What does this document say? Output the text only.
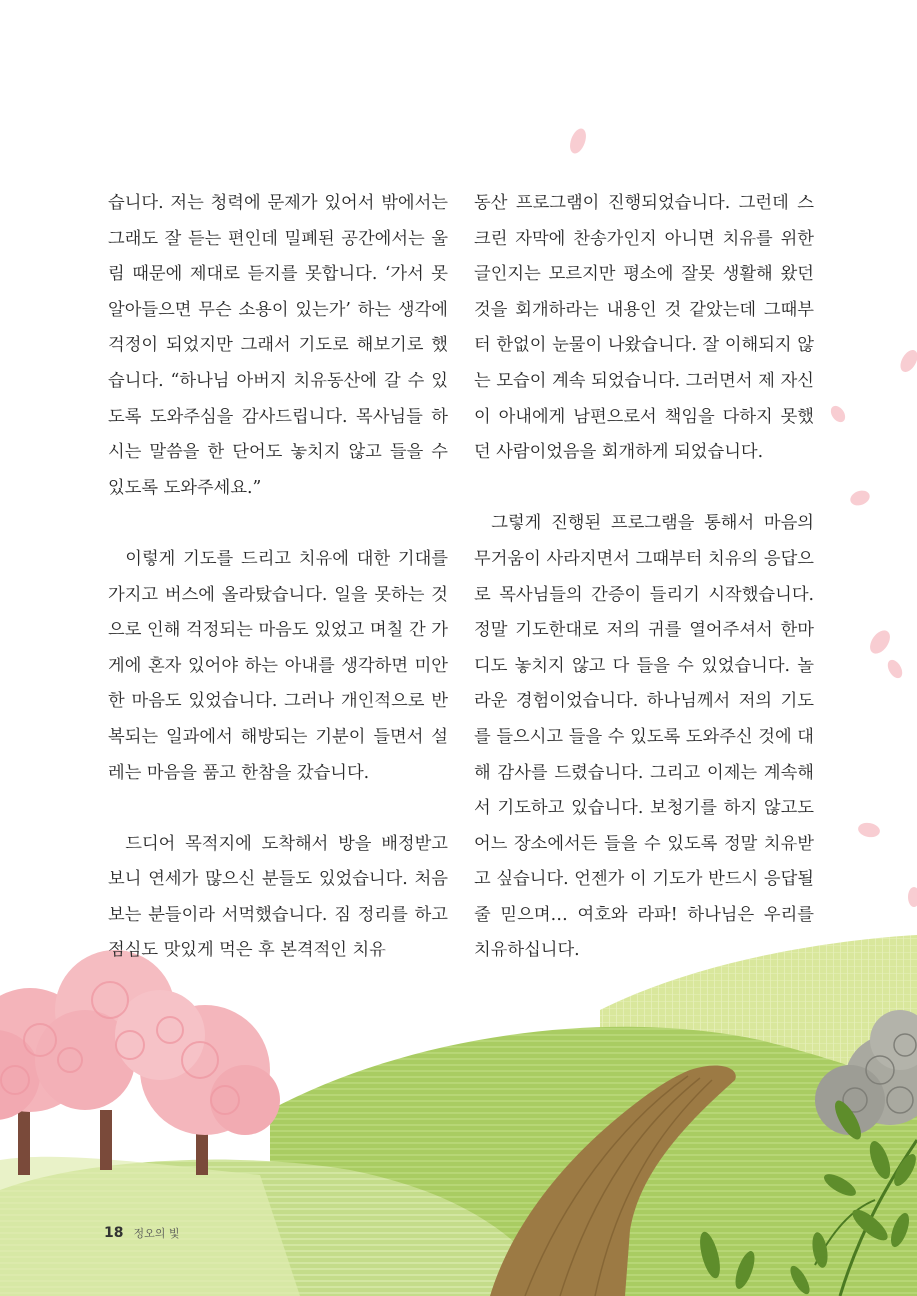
습니다. 저는 청력에 문제가 있어서 밖에서는 그래도 잘 듣는 편인데 밀폐된 공간에서는 울림 때문에 제대로 듣지를 못합니다. ‘가서 못 알아들으면 무슨 소용이 있는가’ 하는 생각에 걱정이 되었지만 그래서 기도로 해보기로 했습니다. “하나님 아버지 치유동산에 갈 수 있도록 도와주심을 감사드립니다. 목사님들 하시는 말씀을 한 단어도 놓치지 않고 들을 수 있도록 도와주세요.”

이렇게 기도를 드리고 치유에 대한 기대를 가지고 버스에 올라탔습니다. 일을 못하는 것으로 인해 걱정되는 마음도 있었고 며칠 간 가게에 혼자 있어야 하는 아내를 생각하면 미안한 마음도 있었습니다. 그러나 개인적으로 반복되는 일과에서 해방되는 기분이 들면서 설레는 마음을 품고 한참을 갔습니다.

드디어 목적지에 도착해서 방을 배정받고 보니 연세가 많으신 분들도 있었습니다. 처음 보는 분들이라 서먹했습니다. 짐 정리를 하고 점심도 맛있게 먹은 후 본격적인 치유

동산 프로그램이 진행되었습니다. 그런데 스크린 자막에 찬송가인지 아니면 치유를 위한 글인지는 모르지만 평소에 잘못 생활해 왔던 것을 회개하라는 내용인 것 같았는데 그때부터 한없이 눈물이 나왔습니다. 잘 이해되지 않는 모습이 계속 되었습니다. 그러면서 제 자신이 아내에게 남편으로서 책임을 다하지 못했던 사람이었음을 회개하게 되었습니다.

그렇게 진행된 프로그램을 통해서 마음의 무거움이 사라지면서 그때부터 치유의 응답으로 목사님들의 간증이 들리기 시작했습니다. 정말 기도한대로 저의 귀를 열어주셔서 한마디도 놓치지 않고 다 들을 수 있었습니다. 놀라운 경험이었습니다. 하나님께서 저의 기도를 들으시고 들을 수 있도록 도와주신 것에 대해 감사를 드렸습니다. 그리고 이제는 계속해서 기도하고 있습니다. 보청기를 하지 않고도 어느 장소에서든 들을 수 있도록 정말 치유받고 싶습니다. 언젠가 이 기도가 반드시 응답될 줄 믿으며… 여호와 라파! 하나님은 우리를 치유하십니다.

18 정오의 빛
